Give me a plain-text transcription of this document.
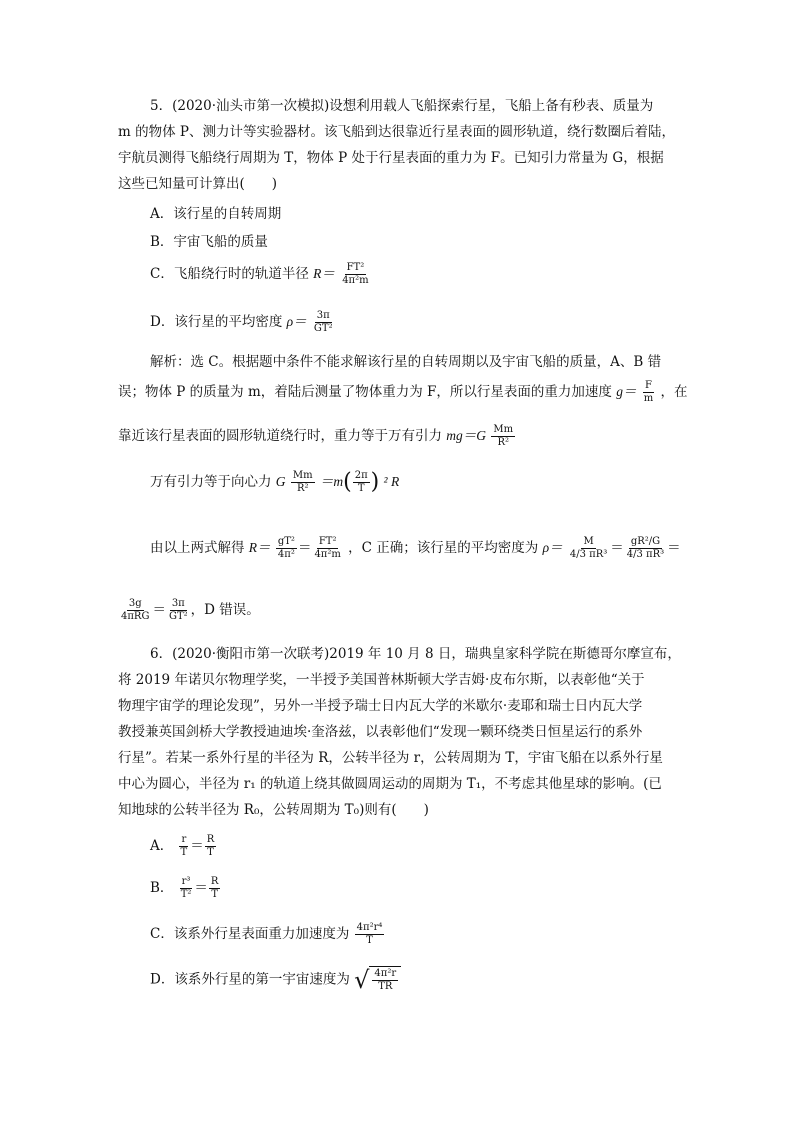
5．(2020·汕头市第一次模拟)设想利用载人飞船探索行星，飞船上备有秒表、质量为
m 的物体 P、测力计等实验器材。该飞船到达很靠近行星表面的圆形轨道，绕行数圈后着陆，
宇航员测得飞船绕行周期为 T，物体 P 处于行星表面的重力为 F。已知引力常量为 G，根据
这些已知量可计算出(　　)
A．该行星的自转周期
B．宇宙飞船的质量
C．飞船绕行时的轨道半径 $R= \frac{\text{FT²}}{\text{4π²m}}$
D．该行星的平均密度 $\rho= \frac{3\pi}{\text{GT²}}$
解析：选 C。根据题中条件不能求解该行星的自转周期以及宇宙飞船的质量，A、B 错
误；物体 P 的质量为 m，着陆后测量了物体重力为 F，所以行星表面的重力加速度 $g= \frac{F}{m}$ ，在
靠近该行星表面的圆形轨道绕行时，重力等于万有引力 $mg=G \frac{Mm}{\text{R²}}$
万有引力等于向心力 G $\frac{Mm}{\text{R²}} =m( \frac{2\pi}{T}$ ) ² R
由以上两式解得 $R= \frac{\text{gT²}}{\text{4π²}} = \frac{\text{FT²}}{\text{4π²m}}$ ，C 正确；该行星的平均密度为 $\rho= \frac{M}{\text{4/3 πR³}} = \frac{\text{gR²/G}}{\text{4/3 πR³}}$ ＝
3g
$4\pi RG = \frac{3\pi}{\text{GT²}}$ ，D 错误。
6．(2020·衡阳市第一次联考)2019 年 10 月 8 日，瑞典皇家科学院在斯德哥尔摩宣布，
将 2019 年诺贝尔物理学奖，一半授予美国普林斯顿大学吉姆·皮布尔斯，以表彰他“关于
物理宇宙学的理论发现”，另外一半授予瑞士日内瓦大学的米歇尔·麦耶和瑞士日内瓦大学
教授兼英国剑桥大学教授迪迪埃·奎洛兹，以表彰他们“发现一颗环绕类日恒星运行的系外
行星”。若某一系外行星的半径为 R，公转半径为 r，公转周期为 T，宇宙飞船在以系外行星
中心为圆心，半径为 r₁ 的轨道上绕其做圆周运动的周期为 T₁，不考虑其他星球的影响。(已
知地球的公转半径为 R₀，公转周期为 T₀)则有(　　)
A． $\frac{r}{T} = \frac{R}{T}$
B． $\frac{\text{r³}}{\text{T²}} = \frac{R}{T}$
C．该系外行星表面重力加速度为 $\frac{\text{4π²r⁴}}{T}$
D．该系外行星的第一宇宙速度为 √ 4π²r
TR
